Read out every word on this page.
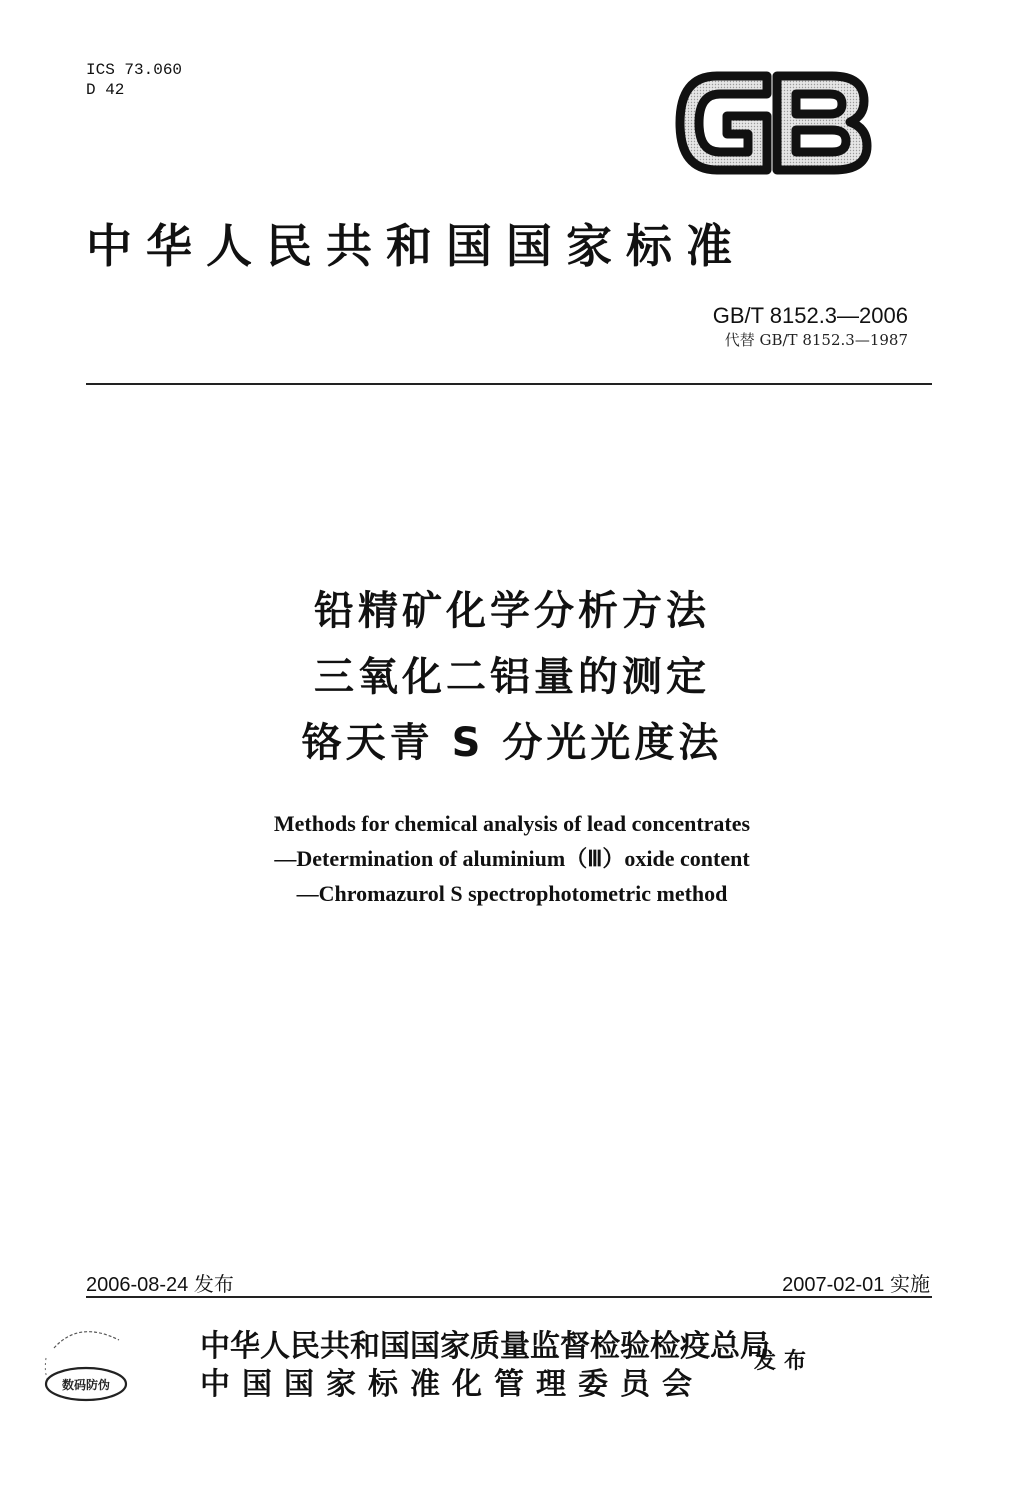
ICS 73.060
D 42
中华人民共和国国家标准
GB/T 8152.3—2006
代替 GB/T 8152.3—1987
铅精矿化学分析方法
三氧化二铝量的测定
铬天青 S 分光光度法
Methods for chemical analysis of lead concentrates
—Determination of aluminium（Ⅲ）oxide content
—Chromazurol S spectrophotometric method
2006-08-24 发布	2007-02-01 实施
数码防伪
中华人民共和国国家质量监督检验检疫总局
中国国家标准化管理委员会
发布
